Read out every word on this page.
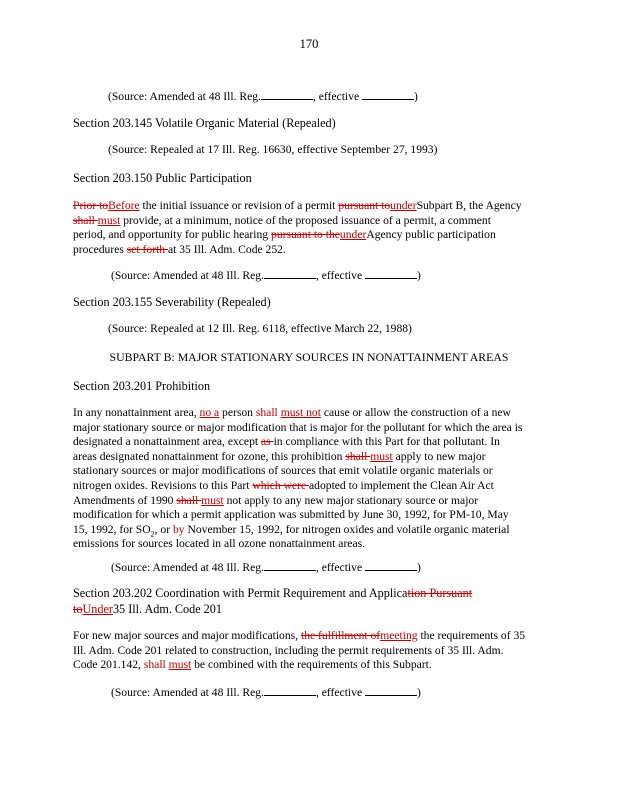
170
(Source: Amended at 48 Ill. Reg.	, effective	)
Section 203.145 Volatile Organic Material (Repealed)
(Source: Repealed at 17 Ill. Reg. 16630, effective September 27, 1993)
Section 203.150 Public Participation
Prior toBefore the initial issuance or revision of a permit pursuant tounderSubpart B, the Agency
shall must provide, at a minimum, notice of the proposed issuance of a permit, a comment
period, and opportunity for public hearing pursuant to theunderAgency public participation
procedures set forth at 35 Ill. Adm. Code 252.
(Source: Amended at 48 Ill. Reg.	, effective	)
Section 203.155 Severability (Repealed)
(Source: Repealed at 12 Ill. Reg. 6118, effective March 22, 1988)
SUBPART B: MAJOR STATIONARY SOURCES IN NONATTAINMENT AREAS
Section 203.201 Prohibition
In any nonattainment area, no a person shall must not cause or allow the construction of a new
major stationary source or major modification that is major for the pollutant for which the area is
designated a nonattainment area, except as in compliance with this Part for that pollutant. In
areas designated nonattainment for ozone, this prohibition shall must apply to new major
stationary sources or major modifications of sources that emit volatile organic materials or
nitrogen oxides. Revisions to this Part which were adopted to implement the Clean Air Act
Amendments of 1990 shall must not apply to any new major stationary source or major
modification for which a permit application was submitted by June 30, 1992, for PM-10, May
15, 1992, for $SO_2$, or by November 15, 1992, for nitrogen oxides and volatile organic material
emissions for sources located in all ozone nonattainment areas.
(Source: Amended at 48 Ill. Reg.	, effective	)
Section 203.202 Coordination with Permit Requirement and Application Pursuant
toUnder35 Ill. Adm. Code 201
For new major sources and major modifications, the fulfillment ofmeeting the requirements of 35
Ill. Adm. Code 201 related to construction, including the permit requirements of 35 Ill. Adm.
Code 201.142, shall must be combined with the requirements of this Subpart.
(Source: Amended at 48 Ill. Reg.	, effective	)
